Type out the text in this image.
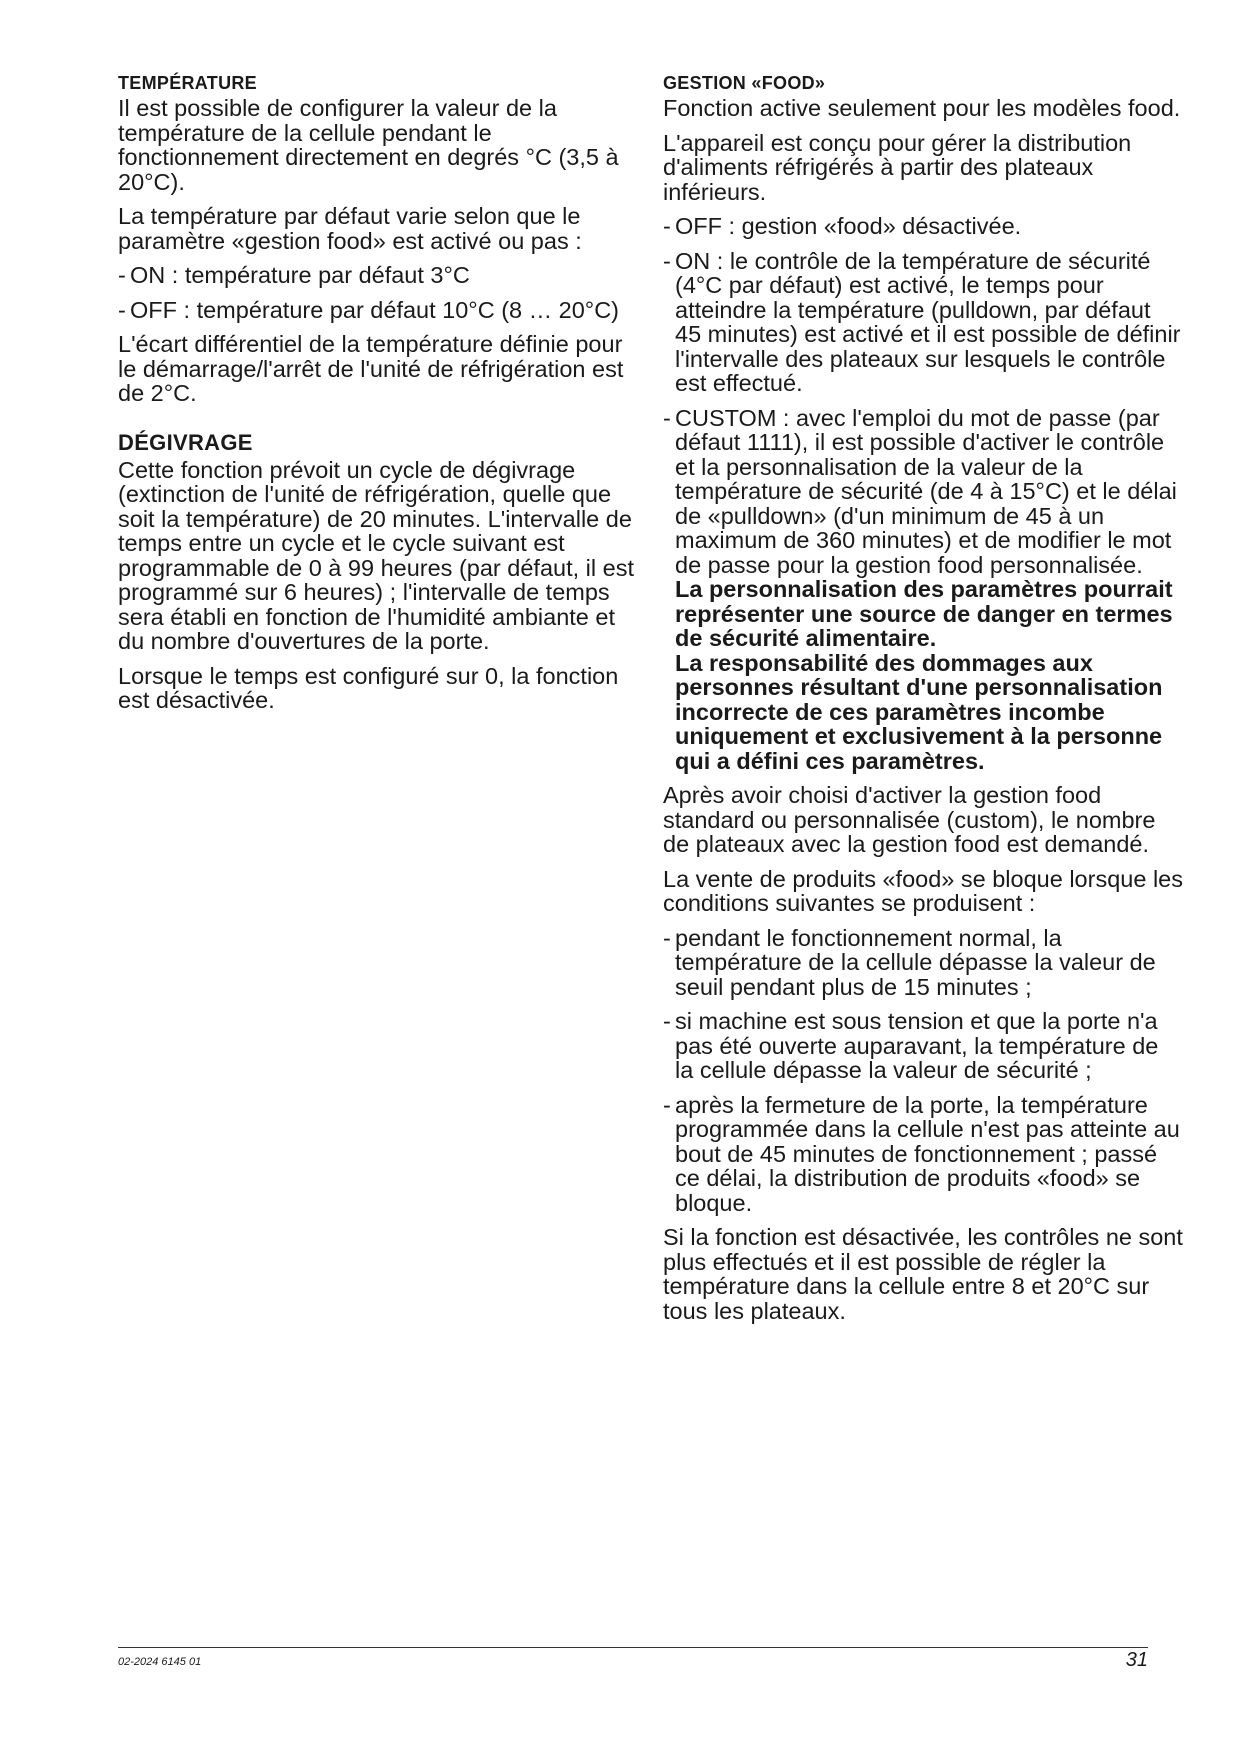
TEMPÉRATURE

Il est possible de configurer la valeur de la température de la cellule pendant le fonctionnement directement en degrés °C (3,5 à 20°C).

La température par défaut varie selon que le paramètre «gestion food» est activé ou pas :

- ON : température par défaut 3°C
- OFF : température par défaut 10°C (8 … 20°C)

L'écart différentiel de la température définie pour le démarrage/l'arrêt de l'unité de réfrigération est de 2°C.

DÉGIVRAGE

Cette fonction prévoit un cycle de dégivrage (extinction de l'unité de réfrigération, quelle que soit la température) de 20 minutes. L'intervalle de temps entre un cycle et le cycle suivant est programmable de 0 à 99 heures (par défaut, il est programmé sur 6 heures) ; l'intervalle de temps sera établi en fonction de l'humidité ambiante et du nombre d'ouvertures de la porte.

Lorsque le temps est configuré sur 0, la fonction est désactivée.

GESTION «FOOD»

Fonction active seulement pour les modèles food.

L'appareil est conçu pour gérer la distribution d'aliments réfrigérés à partir des plateaux inférieurs.

- OFF : gestion «food» désactivée.
- ON : le contrôle de la température de sécurité (4°C par défaut) est activé, le temps pour atteindre la température (pulldown, par défaut 45 minutes) est activé et il est possible de définir l'intervalle des plateaux sur lesquels le contrôle est effectué.
- CUSTOM : avec l'emploi du mot de passe (par défaut 1111), il est possible d'activer le contrôle et la personnalisation de la valeur de la température de sécurité (de 4 à 15°C) et le délai de «pulldown» (d'un minimum de 45 à un maximum de 360 minutes) et de modifier le mot de passe pour la gestion food personnalisée.
La personnalisation des paramètres pourrait représenter une source de danger en termes de sécurité alimentaire.
La responsabilité des dommages aux personnes résultant d'une personnalisation incorrecte de ces paramètres incombe uniquement et exclusivement à la personne qui a défini ces paramètres.

Après avoir choisi d'activer la gestion food standard ou personnalisée (custom), le nombre de plateaux avec la gestion food est demandé.

La vente de produits «food» se bloque lorsque les conditions suivantes se produisent :

- pendant le fonctionnement normal, la température de la cellule dépasse la valeur de seuil pendant plus de 15 minutes ;
- si machine est sous tension et que la porte n'a pas été ouverte auparavant, la température de la cellule dépasse la valeur de sécurité ;
- après la fermeture de la porte, la température programmée dans la cellule n'est pas atteinte au bout de 45 minutes de fonctionnement ; passé ce délai, la distribution de produits «food» se bloque.

Si la fonction est désactivée, les contrôles ne sont plus effectués et il est possible de régler la température dans la cellule entre 8 et 20°C sur tous les plateaux.

02-2024 6145 01	31
